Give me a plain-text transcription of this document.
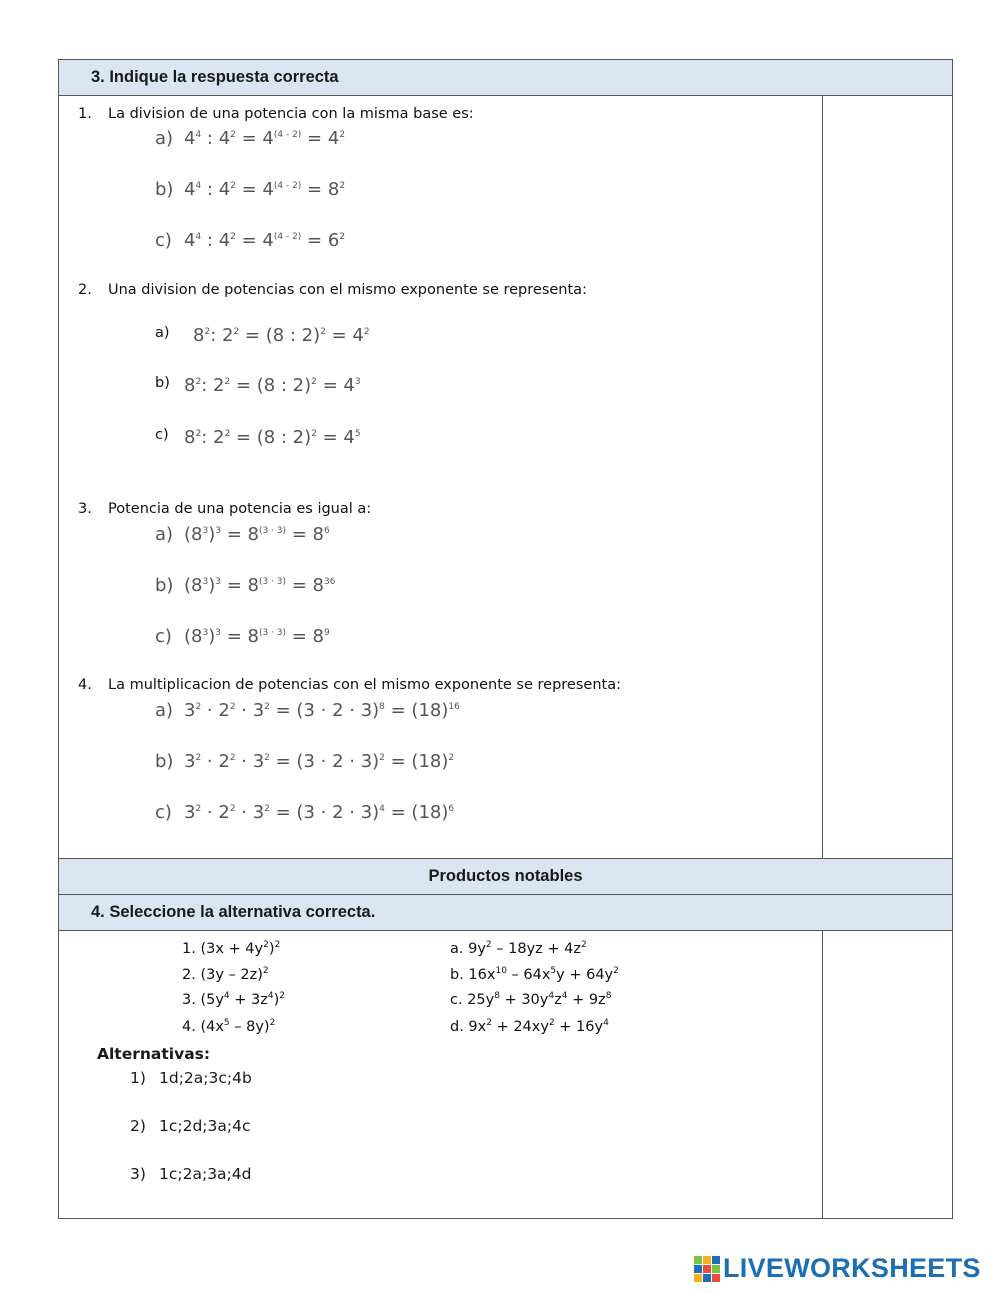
3. Indique la respuesta correcta
1. La division de una potencia con la misma base es:
a) $4^4$ : $4^2 = 4^{(4 - 2)} = 4^2$
b) $4^4$ : $4^2 = 4^{(4 - 2)} = 8^2$
c) $4^4$ : $4^2 = 4^{(4 - 2)} = 6^2$
2. Una division de potencias con el mismo exponente se representa:
a) $8^2$: $2^2 = (8$ : $2)^2 = 4^2$
b) $8^2$: $2^2 = (8$ : $2)^2 = 4^3$
c) $8^2$: $2^2 = (8$ : $2)^2 = 4^5$
3. Potencia de una potencia es igual a:
a) $(8^3)^3 = 8^{(3 \cdot 3)} = 8^6$
b) $(8^3)^3 = 8^{(3 \cdot 3)} = 8^{36}$
c) $(8^3)^3 = 8^{(3 \cdot 3)} = 8^9$
4. La multiplicacion de potencias con el mismo exponente se representa:
a) $3^2 \cdot 2^2 \cdot 3^2 = (3 \cdot 2 \cdot 3)^8 = (18)^{16}$
b) $3^2 \cdot 2^2 \cdot 3^2 = (3 \cdot 2 \cdot 3)^2 = (18)^2$
c) $3^2 \cdot 2^2 \cdot 3^2 = (3 \cdot 2 \cdot 3)^4 = (18)^6$
Productos notables
4. Seleccione la alternativa correcta.
1. $(3x + 4y^2)^2$
2. (3y – 2z)$^2$
3. $(5y^4 + 3z^4)^2$
4. $(4x^5 - 8y)^2$
a. $9y^2 - 18yz + 4z^2$
b. $16x^{10} - 64x^5y + 64y^2$
c. $25y^8 + 30y^4z^4 + 9z^8$
d. $9x^2 + 24xy^2 + 16y^4$
Alternativas:
1) 1d;2a;3c;4b
2) 1c;2d;3a;4c
3) 1c;2a;3a;4d
LIVEWORKSHEETS
